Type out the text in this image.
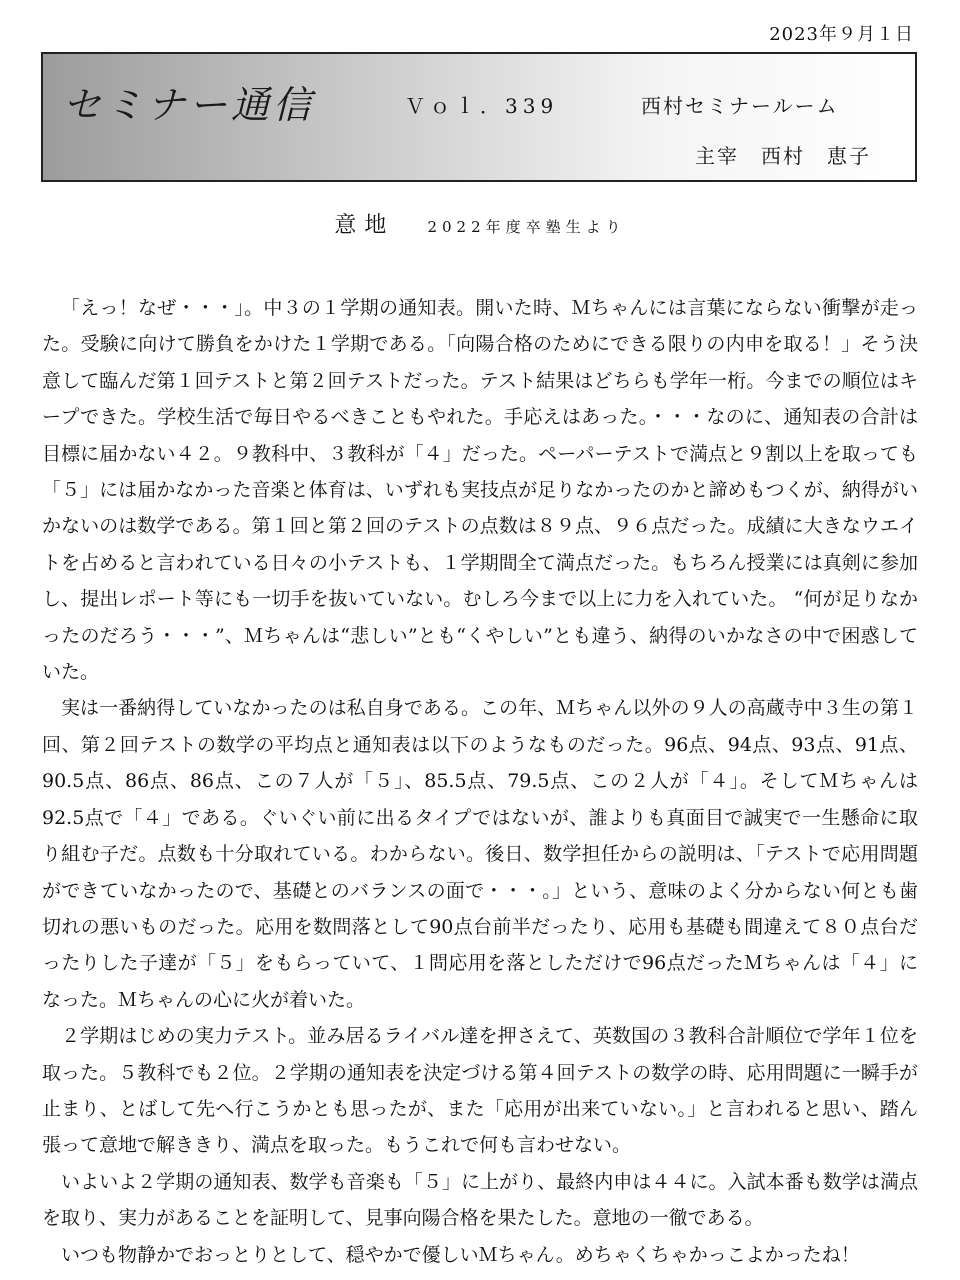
2023年９月１日
セミナー通信	Ｖｏｌ．339	西村セミナールーム
主宰　西村　恵子
意地 2022年度卒塾生より

「えっ！なぜ・・・」。中３の１学期の通知表。開いた時、Ｍちゃんには言葉にならない衝撃が走った。受験に向けて勝負をかけた１学期である。「向陽合格のためにできる限りの内申を取る！」そう決意して臨んだ第１回テストと第２回テストだった。テスト結果はどちらも学年一桁。今までの順位はキープできた。学校生活で毎日やるべきこともやれた。手応えはあった。・・・なのに、通知表の合計は目標に届かない４２。９教科中、３教科が「４」だった。ペーパーテストで満点と９割以上を取っても「５」には届かなかった音楽と体育は、いずれも実技点が足りなかったのかと諦めもつくが、納得がいかないのは数学である。第１回と第２回のテストの点数は８９点、９６点だった。成績に大きなウエイトを占めると言われている日々の小テストも、１学期間全て満点だった。もちろん授業には真剣に参加し、提出レポート等にも一切手を抜いていない。むしろ今まで以上に力を入れていた。 “何が足りなかったのだろう・・・”、Ｍちゃんは“悲しい”とも“くやしい”とも違う、納得のいかなさの中で困惑していた。

実は一番納得していなかったのは私自身である。この年、Ｍちゃん以外の９人の高蔵寺中３生の第１回、第２回テストの数学の平均点と通知表は以下のようなものだった。96点、94点、93点、91点、90.5点、86点、86点、この７人が「５」、85.5点、79.5点、この２人が「４」。そしてＭちゃんは92.5点で「４」である。ぐいぐい前に出るタイプではないが、誰よりも真面目で誠実で一生懸命に取り組む子だ。点数も十分取れている。わからない。後日、数学担任からの説明は、「テストで応用問題ができていなかったので、基礎とのバランスの面で・・・。」という、意味のよく分からない何とも歯切れの悪いものだった。応用を数問落として90点台前半だったり、応用も基礎も間違えて８０点台だったりした子達が「５」をもらっていて、１問応用を落としただけで96点だったＭちゃんは「４」になった。Ｍちゃんの心に火が着いた。

２学期はじめの実力テスト。並み居るライバル達を押さえて、英数国の３教科合計順位で学年１位を取った。５教科でも２位。２学期の通知表を決定づける第４回テストの数学の時、応用問題に一瞬手が止まり、とばして先へ行こうかとも思ったが、また「応用が出来ていない。」と言われると思い、踏ん張って意地で解ききり、満点を取った。もうこれで何も言わせない。

いよいよ２学期の通知表、数学も音楽も「５」に上がり、最終内申は４４に。入試本番も数学は満点を取り、実力があることを証明して、見事向陽合格を果たした。意地の一徹である。

いつも物静かでおっとりとして、穏やかで優しいＭちゃん。めちゃくちゃかっこよかったね！
